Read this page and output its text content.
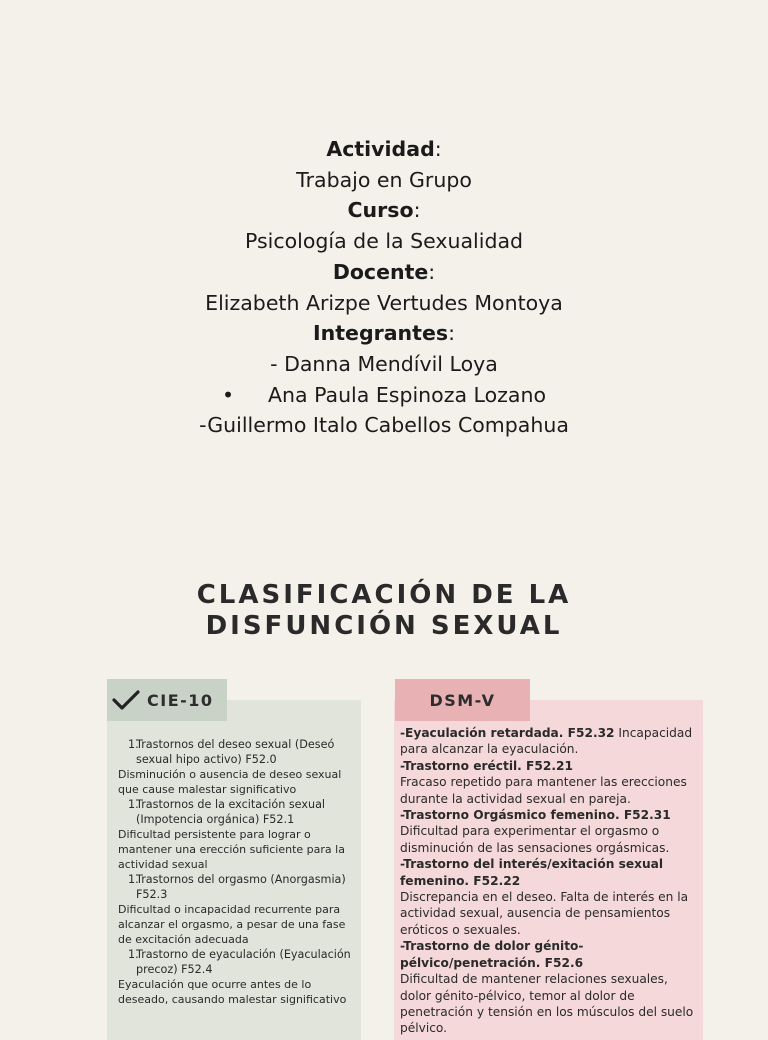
Actividad:
Trabajo en Grupo
Curso:
Psicología de la Sexualidad
Docente:
Elizabeth Arizpe Vertudes Montoya
Integrantes:
- Danna Mendívil Loya
• Ana Paula Espinoza Lozano
-Guillermo Italo Cabellos Compahua
CLASIFICACIÓN DE LA
DISFUNCIÓN SEXUAL
CIE-10	DSM-V
1.
Trastornos del deseo sexual (Deseó sexual hipo activo) F52.0
Disminución o ausencia de deseo sexual que cause malestar significativo
1.
Trastornos de la excitación sexual (Impotencia orgánica) F52.1
Dificultad persistente para lograr o mantener una erección suficiente para la actividad sexual
1.
Trastornos del orgasmo (Anorgasmia) F52.3
Dificultad o incapacidad recurrente para alcanzar el orgasmo, a pesar de una fase de excitación adecuada
1.
Trastorno de eyaculación (Eyaculación precoz) F52.4
Eyaculación que ocurre antes de lo deseado, causando malestar significativo
-Eyaculación retardada. F52.32 Incapacidad para alcanzar la eyaculación.
-Trastorno eréctil. F52.21
Fracaso repetido para mantener las erecciones durante la actividad sexual en pareja.
-Trastorno Orgásmico femenino. F52.31
Dificultad para experimentar el orgasmo o disminución de las sensaciones orgásmicas.
-Trastorno del interés/exitación sexual femenino. F52.22
Discrepancia en el deseo. Falta de interés en la actividad sexual, ausencia de pensamientos eróticos o sexuales.
-Trastorno de dolor génito-pélvico/penetración. F52.6
Dificultad de mantener relaciones sexuales, dolor génito-pélvico, temor al dolor de penetración y tensión en los músculos del suelo pélvico.
